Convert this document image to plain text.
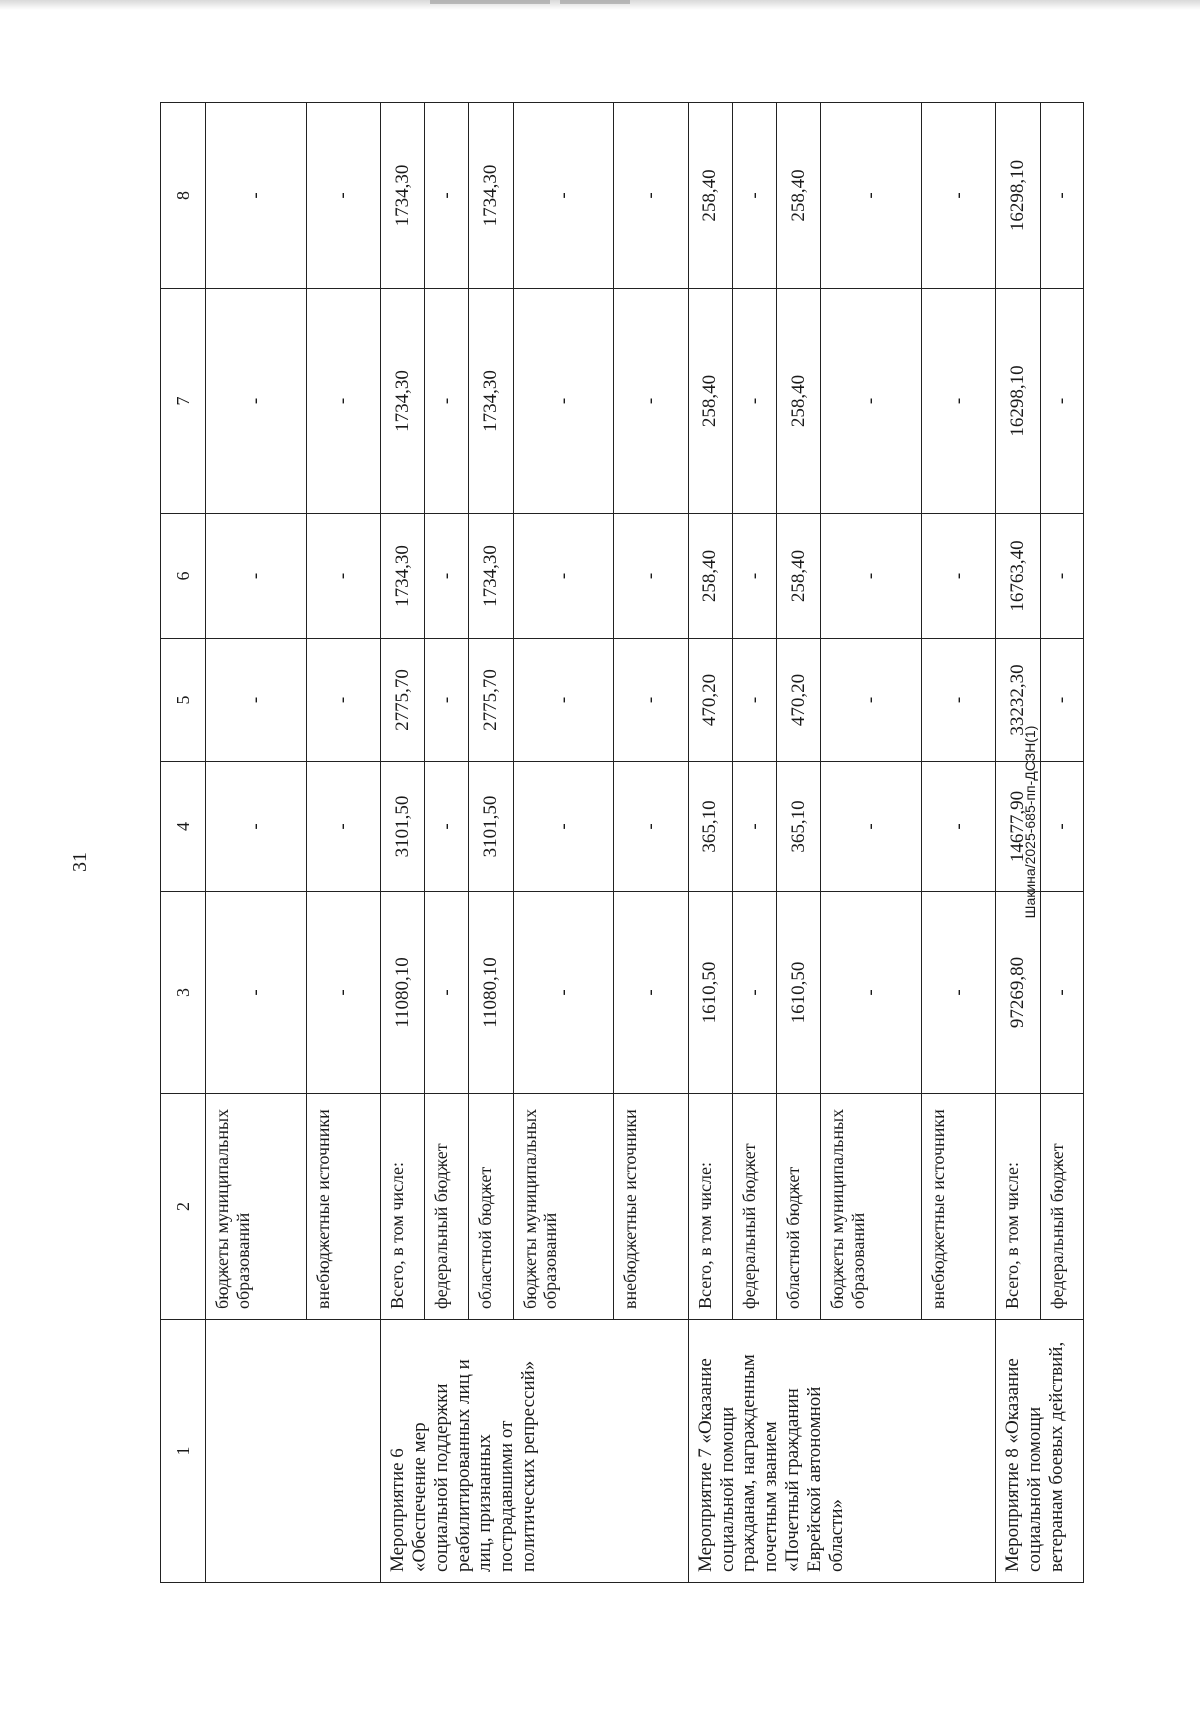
31	Шакина/2025-685-пп-ДСЗН(1)
1	2	3	4	5	6	7	8
	бюджеты муниципальных образований	-	-	-	-	-	-
	внебюджетные источники	-	-	-	-	-	-
Мероприятие 6 «Обеспечение мер социальной поддержки реабилитированных лиц и лиц, признанных пострадавшими от политических репрессий»	Всего, в том числе:	11080,10	3101,50	2775,70	1734,30	1734,30	1734,30
	федеральный бюджет	-	-	-	-	-	-
	областной бюджет	11080,10	3101,50	2775,70	1734,30	1734,30	1734,30
	бюджеты муниципальных образований	-	-	-	-	-	-
	внебюджетные источники	-	-	-	-	-	-
Мероприятие 7 «Оказание социальной помощи гражданам, награжденным почетным званием «Почетный гражданин Еврейской автономной области»	Всего, в том числе:	1610,50	365,10	470,20	258,40	258,40	258,40
	федеральный бюджет	-	-	-	-	-	-
	областной бюджет	1610,50	365,10	470,20	258,40	258,40	258,40
	бюджеты муниципальных образований	-	-	-	-	-	-
	внебюджетные источники	-	-	-	-	-	-
Мероприятие 8 «Оказание социальной помощи ветеранам боевых действий,	Всего, в том числе:	97269,80	14677,90	33232,30	16763,40	16298,10	16298,10
	федеральный бюджет	-	-	-	-	-	-
